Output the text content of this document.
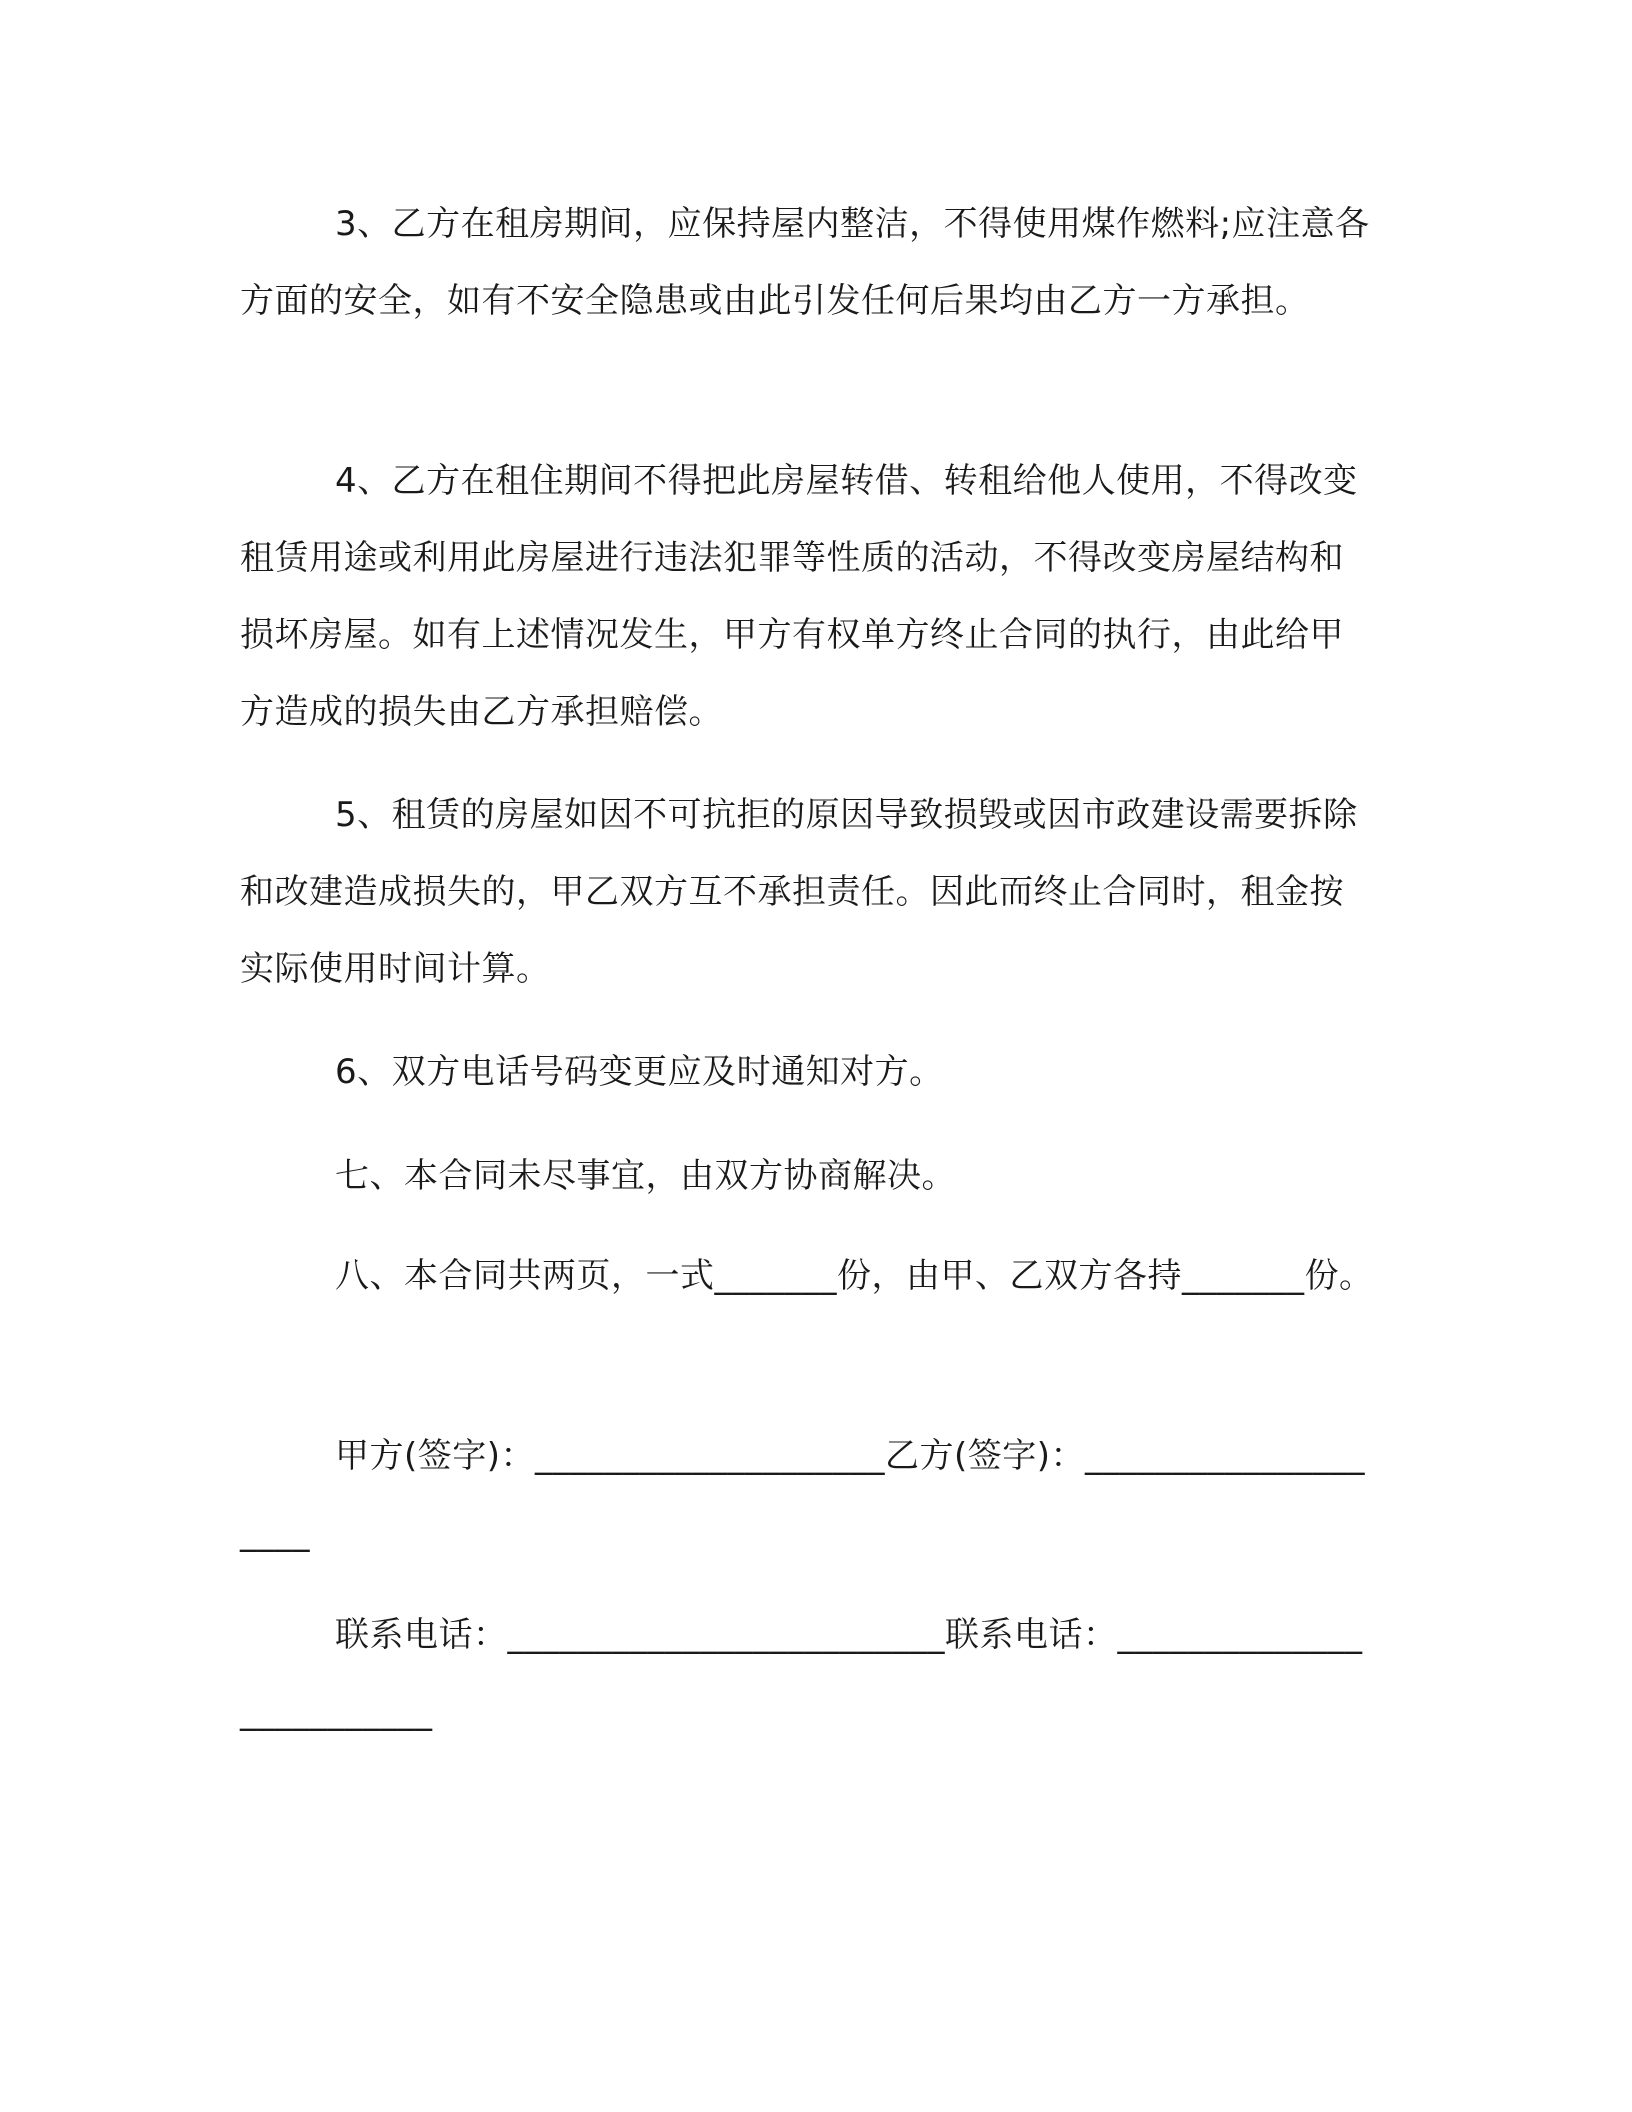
3、乙方在租房期间，应保持屋内整洁，不得使用煤作燃料;应注意各方面的安全，如有不安全隐患或由此引发任何后果均由乙方一方承担。

4、乙方在租住期间不得把此房屋转借、转租给他人使用，不得改变租赁用途或利用此房屋进行违法犯罪等性质的活动，不得改变房屋结构和损坏房屋。如有上述情况发生，甲方有权单方终止合同的执行，由此给甲方造成的损失由乙方承担赔偿。

5、租赁的房屋如因不可抗拒的原因导致损毁或因市政建设需要拆除和改建造成损失的，甲乙双方互不承担责任。因此而终止合同时，租金按实际使用时间计算。

6、双方电话号码变更应及时通知对方。

七、本合同未尽事宜，由双方协商解决。

八、本合同共两页，一式_______份，由甲、乙双方各持_______份。

甲方(签字)：____________________乙方(签字)：____________________

联系电话：_________________________联系电话：_________________________
